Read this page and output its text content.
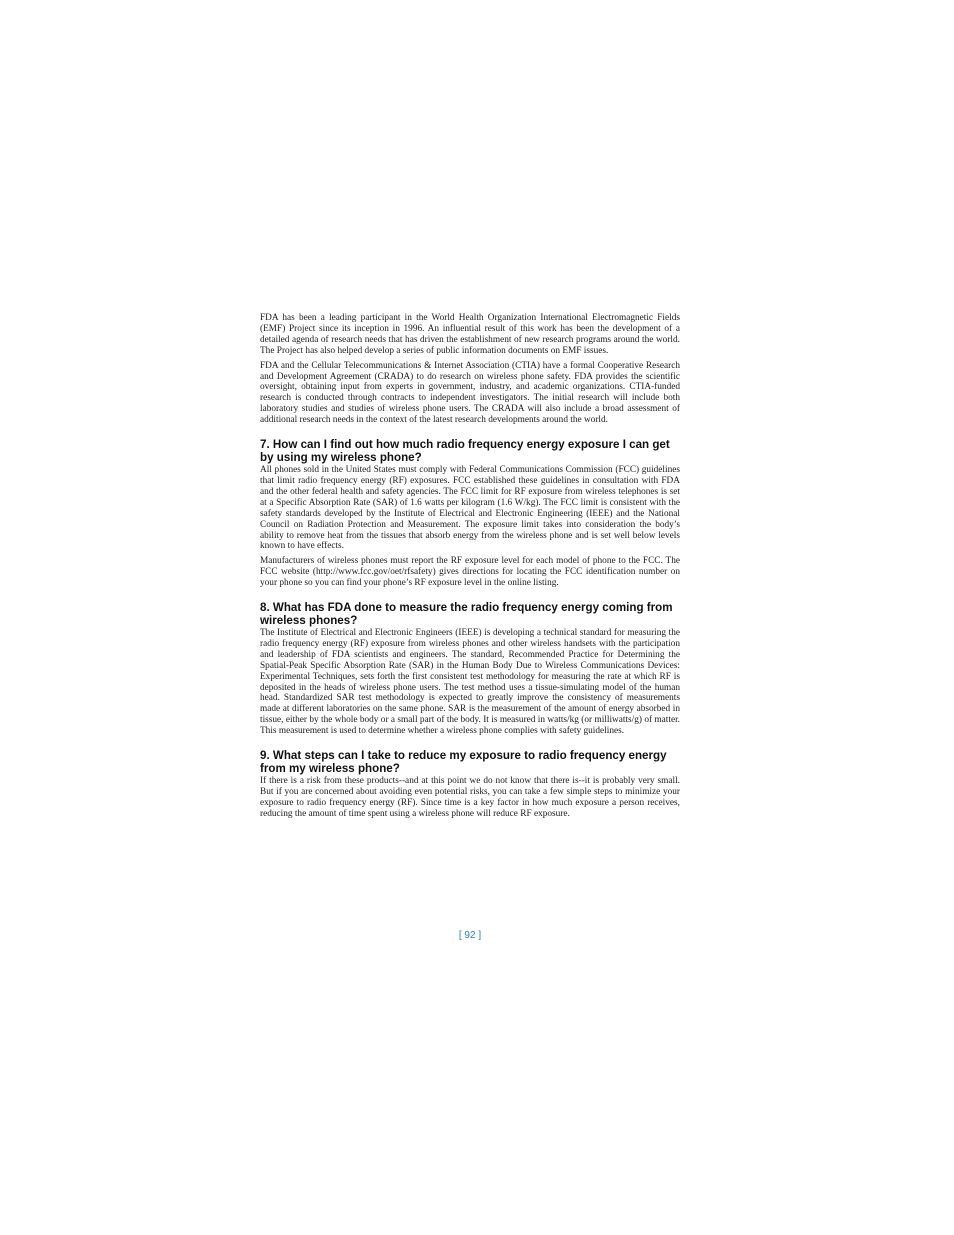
FDA has been a leading participant in the World Health Organization International Electromagnetic Fields (EMF) Project since its inception in 1996. An influential result of this work has been the development of a detailed agenda of research needs that has driven the establishment of new research programs around the world. The Project has also helped develop a series of public information documents on EMF issues.

FDA and the Cellular Telecommunications & Internet Association (CTIA) have a formal Cooperative Research and Development Agreement (CRADA) to do research on wireless phone safety. FDA provides the scientific oversight, obtaining input from experts in government, industry, and academic organizations. CTIA-funded research is conducted through contracts to independent investigators. The initial research will include both laboratory studies and studies of wireless phone users. The CRADA will also include a broad assessment of additional research needs in the context of the latest research developments around the world.

7. How can I find out how much radio frequency energy exposure I can get by using my wireless phone?

All phones sold in the United States must comply with Federal Communications Commission (FCC) guidelines that limit radio frequency energy (RF) exposures. FCC established these guidelines in consultation with FDA and the other federal health and safety agencies. The FCC limit for RF exposure from wireless telephones is set at a Specific Absorption Rate (SAR) of 1.6 watts per kilogram (1.6 W/kg). The FCC limit is consistent with the safety standards developed by the Institute of Electrical and Electronic Engineering (IEEE) and the National Council on Radiation Protection and Measurement. The exposure limit takes into consideration the body’s ability to remove heat from the tissues that absorb energy from the wireless phone and is set well below levels known to have effects.

Manufacturers of wireless phones must report the RF exposure level for each model of phone to the FCC. The FCC website (http://www.fcc.gov/oet/rfsafety) gives directions for locating the FCC identification number on your phone so you can find your phone’s RF exposure level in the online listing.

8. What has FDA done to measure the radio frequency energy coming from wireless phones?

The Institute of Electrical and Electronic Engineers (IEEE) is developing a technical standard for measuring the radio frequency energy (RF) exposure from wireless phones and other wireless handsets with the participation and leadership of FDA scientists and engineers. The standard, Recommended Practice for Determining the Spatial-Peak Specific Absorption Rate (SAR) in the Human Body Due to Wireless Communications Devices: Experimental Techniques, sets forth the first consistent test methodology for measuring the rate at which RF is deposited in the heads of wireless phone users. The test method uses a tissue-simulating model of the human head. Standardized SAR test methodology is expected to greatly improve the consistency of measurements made at different laboratories on the same phone. SAR is the measurement of the amount of energy absorbed in tissue, either by the whole body or a small part of the body. It is measured in watts/kg (or milliwatts/g) of matter. This measurement is used to determine whether a wireless phone complies with safety guidelines.

9. What steps can I take to reduce my exposure to radio frequency energy from my wireless phone?

If there is a risk from these products--and at this point we do not know that there is--it is probably very small. But if you are concerned about avoiding even potential risks, you can take a few simple steps to minimize your exposure to radio frequency energy (RF). Since time is a key factor in how much exposure a person receives, reducing the amount of time spent using a wireless phone will reduce RF exposure.

[ 92 ]
